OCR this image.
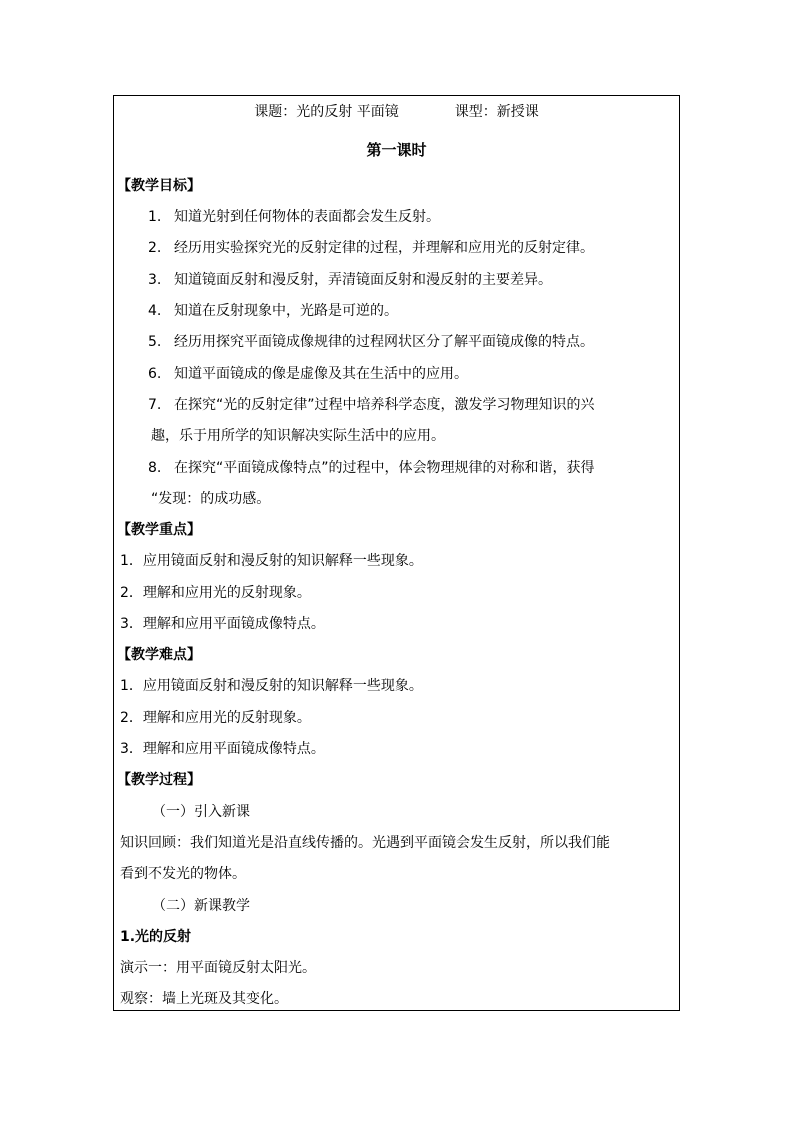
课题：光的反射 平面镜	课型：新授课
第一课时
【教学目标】
1. 知道光射到任何物体的表面都会发生反射。
2. 经历用实验探究光的反射定律的过程，并理解和应用光的反射定律。
3. 知道镜面反射和漫反射，弄清镜面反射和漫反射的主要差异。
4. 知道在反射现象中，光路是可逆的。
5. 经历用探究平面镜成像规律的过程网状区分了解平面镜成像的特点。
6. 知道平面镜成的像是虚像及其在生活中的应用。
7. 在探究“光的反射定律”过程中培养科学态度，激发学习物理知识的兴
趣，乐于用所学的知识解决实际生活中的应用。
8. 在探究“平面镜成像特点”的过程中，体会物理规律的对称和谐，获得
“发现：的成功感。
【教学重点】
1．应用镜面反射和漫反射的知识解释一些现象。
2．理解和应用光的反射现象。
3．理解和应用平面镜成像特点。
【教学难点】
1．应用镜面反射和漫反射的知识解释一些现象。
2．理解和应用光的反射现象。
3．理解和应用平面镜成像特点。
【教学过程】
（一）引入新课
知识回顾：我们知道光是沿直线传播的。光遇到平面镜会发生反射，所以我们能
看到不发光的物体。
（二）新课教学
1.光的反射
演示一：用平面镜反射太阳光。
观察：墙上光斑及其变化。
